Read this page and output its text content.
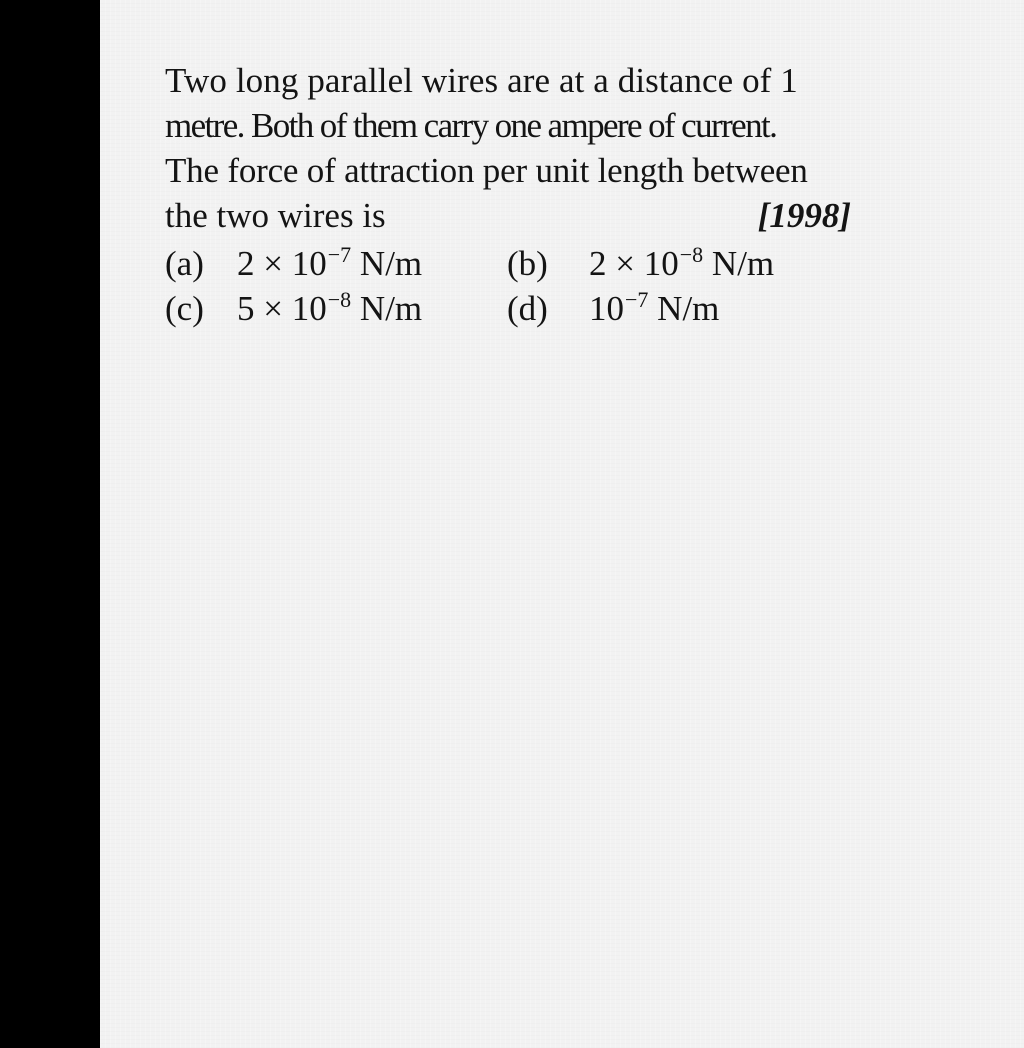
Two long parallel wires are at a distance of 1
metre. Both of them carry one ampere of current.
The force of attraction per unit length between
the two wires is	[1998]
(a) $2 \times 10^{-7}$ N/m (b) $2 \times 10^{-8}$ N/m
(c) $5 \times 10^{-8}$ N/m (d) $10^{-7}$ N/m
